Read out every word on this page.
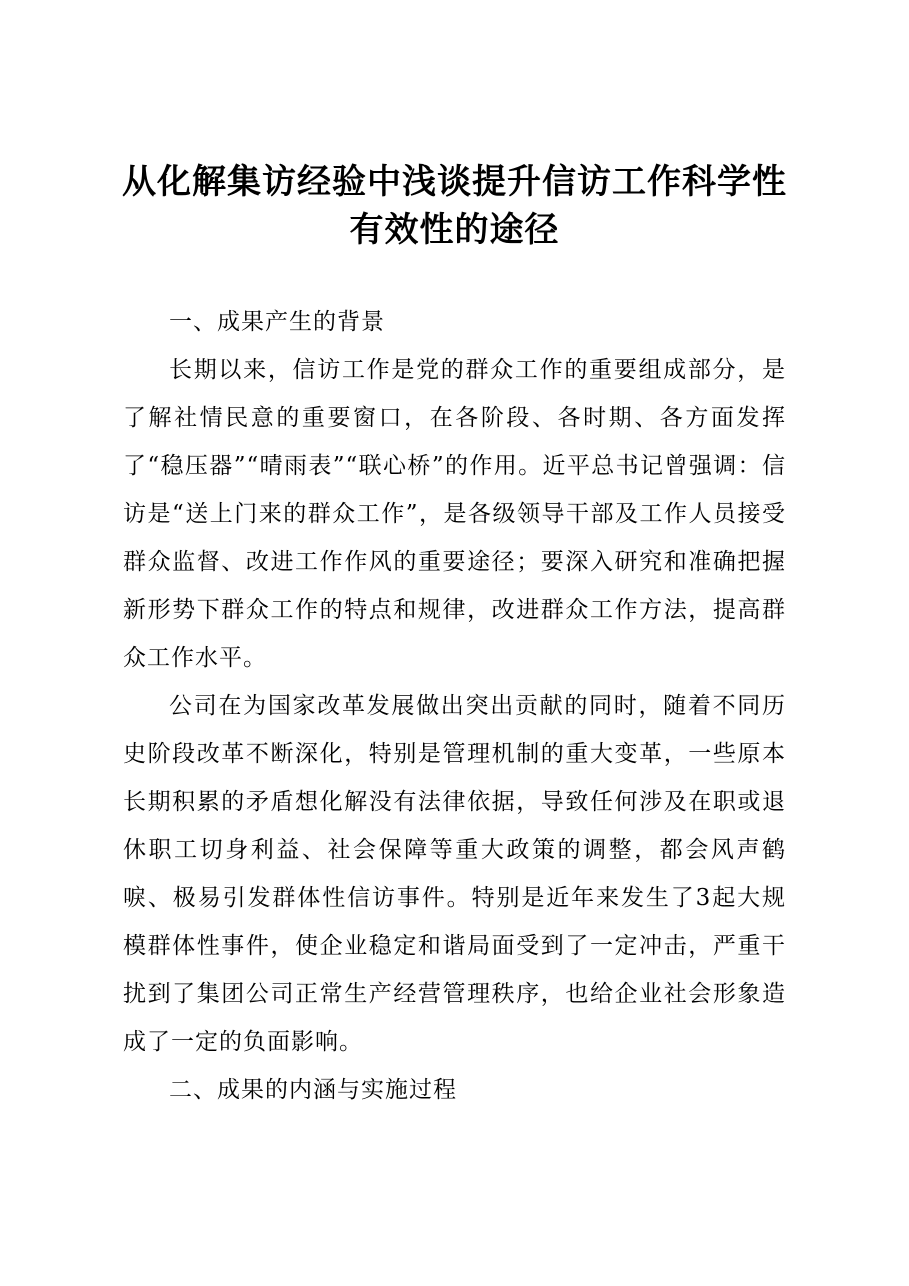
从化解集访经验中浅谈提升信访工作科学性有效性的途径
一、成果产生的背景
长期以来，信访工作是党的群众工作的重要组成部分，是了解社情民意的重要窗口，在各阶段、各时期、各方面发挥了“稳压器”“晴雨表”“联心桥”的作用。近平总书记曾强调：信访是“送上门来的群众工作”，是各级领导干部及工作人员接受群众监督、改进工作作风的重要途径；要深入研究和准确把握新形势下群众工作的特点和规律，改进群众工作方法，提高群众工作水平。
公司在为国家改革发展做出突出贡献的同时，随着不同历史阶段改革不断深化，特别是管理机制的重大变革，一些原本长期积累的矛盾想化解没有法律依据，导致任何涉及在职或退休职工切身利益、社会保障等重大政策的调整，都会风声鹤唳、极易引发群体性信访事件。特别是近年来发生了3起大规模群体性事件，使企业稳定和谐局面受到了一定冲击，严重干扰到了集团公司正常生产经营管理秩序，也给企业社会形象造成了一定的负面影响。
二、成果的内涵与实施过程
